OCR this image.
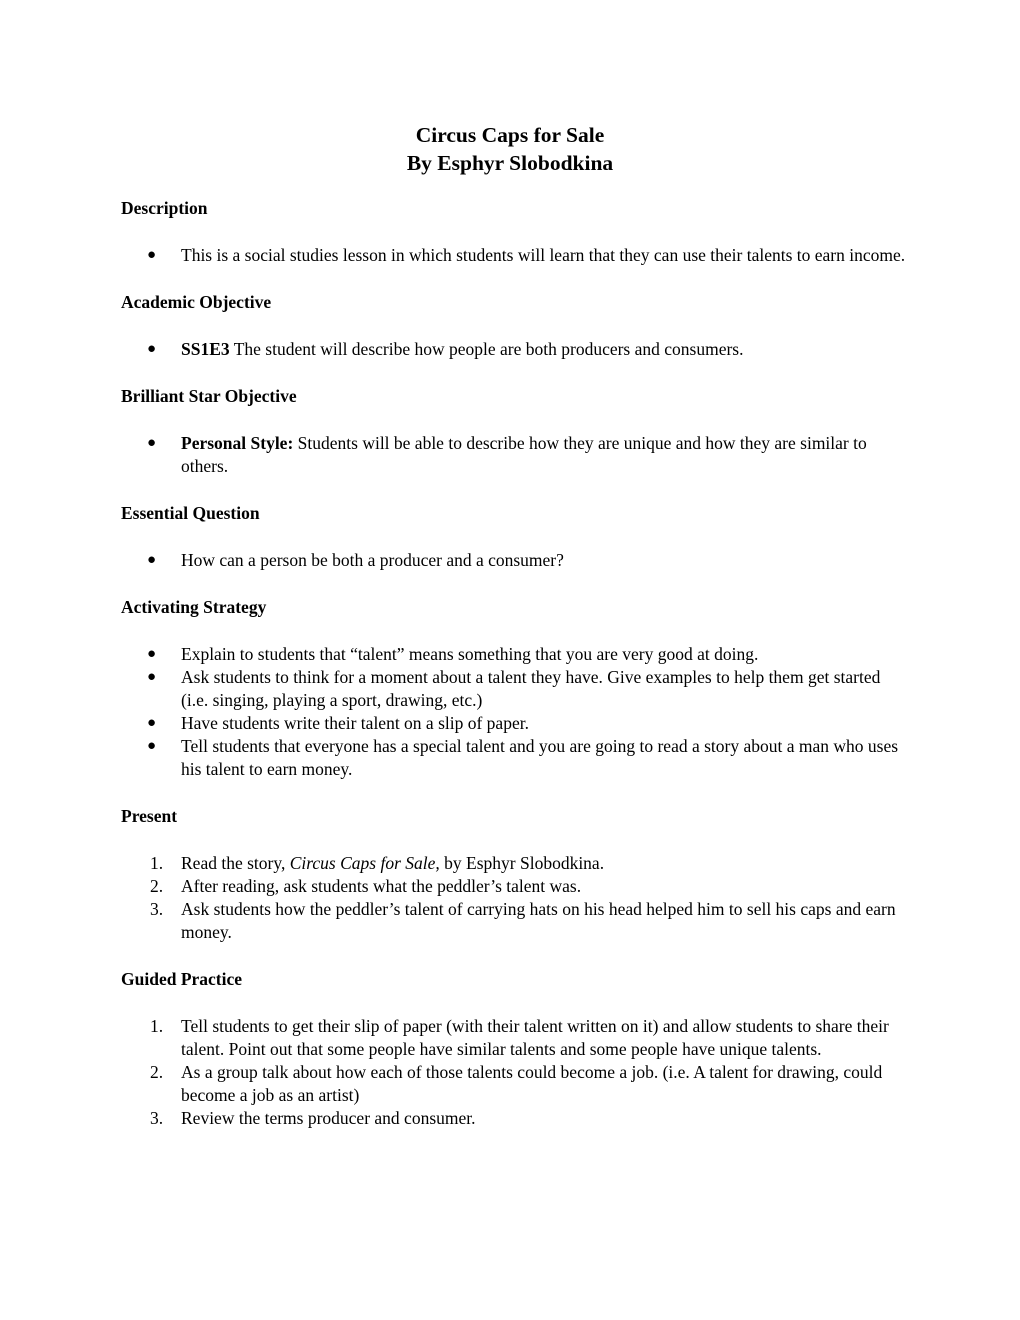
Circus Caps for Sale
By Esphyr Slobodkina

Description

● This is a social studies lesson in which students will learn that they can use their talents to earn income.

Academic Objective

● SS1E3 The student will describe how people are both producers and consumers.

Brilliant Star Objective

● Personal Style: Students will be able to describe how they are unique and how they are similar to others.

Essential Question

● How can a person be both a producer and a consumer?

Activating Strategy

● Explain to students that “talent” means something that you are very good at doing.
● Ask students to think for a moment about a talent they have. Give examples to help them get started (i.e. singing, playing a sport, drawing, etc.)
● Have students write their talent on a slip of paper.
● Tell students that everyone has a special talent and you are going to read a story about a man who uses his talent to earn money.

Present

1. Read the story, Circus Caps for Sale, by Esphyr Slobodkina.
2. After reading, ask students what the peddler’s talent was.
3. Ask students how the peddler’s talent of carrying hats on his head helped him to sell his caps and earn money.

Guided Practice

1. Tell students to get their slip of paper (with their talent written on it) and allow students to share their talent. Point out that some people have similar talents and some people have unique talents.
2. As a group talk about how each of those talents could become a job. (i.e. A talent for drawing, could become a job as an artist)
3. Review the terms producer and consumer.
